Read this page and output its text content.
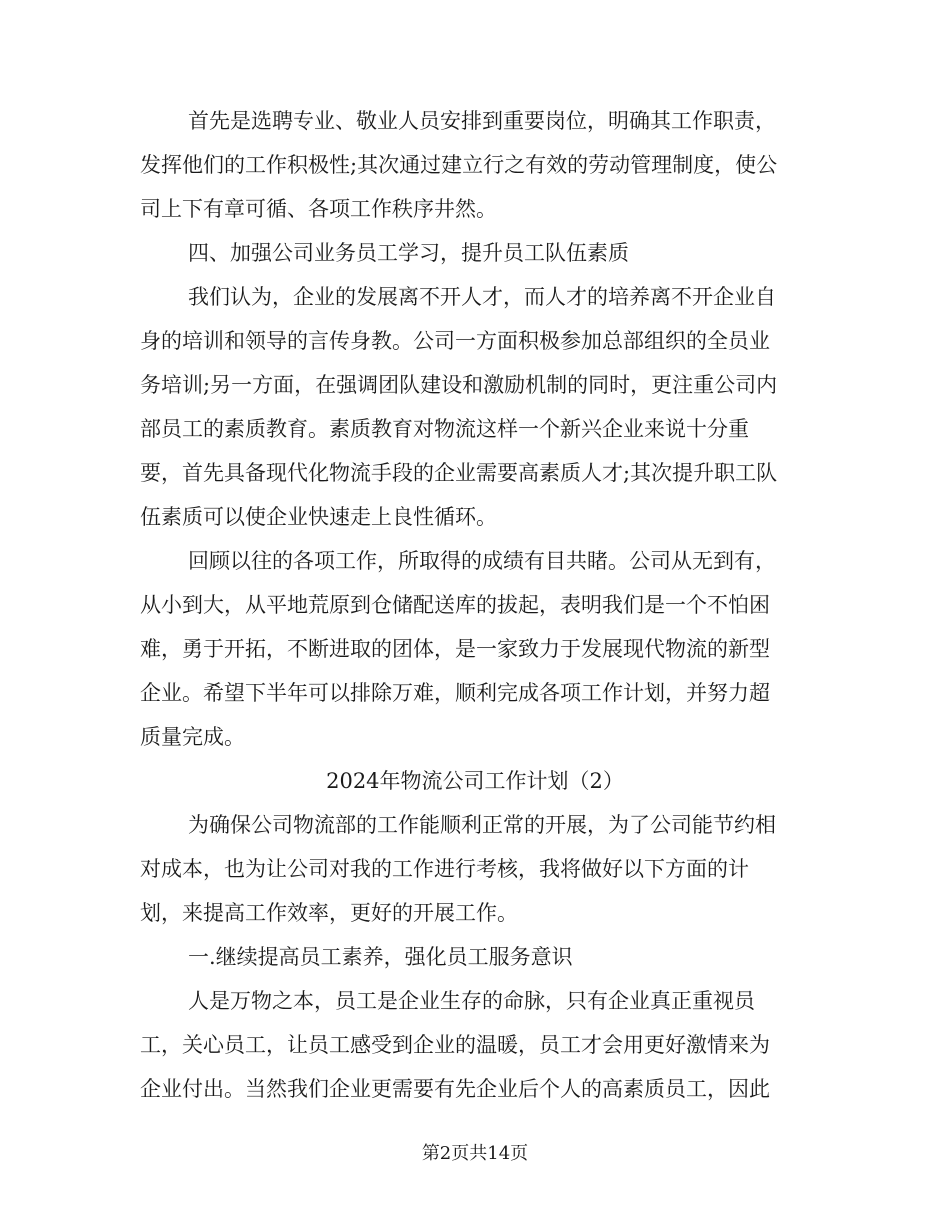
首先是选聘专业、敬业人员安排到重要岗位，明确其工作职责，
发挥他们的工作积极性;其次通过建立行之有效的劳动管理制度，使公
司上下有章可循、各项工作秩序井然。
四、加强公司业务员工学习，提升员工队伍素质
我们认为，企业的发展离不开人才，而人才的培养离不开企业自
身的培训和领导的言传身教。公司一方面积极参加总部组织的全员业
务培训;另一方面，在强调团队建设和激励机制的同时，更注重公司内
部员工的素质教育。素质教育对物流这样一个新兴企业来说十分重
要，首先具备现代化物流手段的企业需要高素质人才;其次提升职工队
伍素质可以使企业快速走上良性循环。
回顾以往的各项工作，所取得的成绩有目共睹。公司从无到有，
从小到大，从平地荒原到仓储配送库的拔起，表明我们是一个不怕困
难，勇于开拓，不断进取的团体，是一家致力于发展现代物流的新型
企业。希望下半年可以排除万难，顺利完成各项工作计划，并努力超
质量完成。
2024年物流公司工作计划（2）
为确保公司物流部的工作能顺利正常的开展，为了公司能节约相
对成本，也为让公司对我的工作进行考核，我将做好以下方面的计
划，来提高工作效率，更好的开展工作。
一.继续提高员工素养，强化员工服务意识
人是万物之本，员工是企业生存的命脉，只有企业真正重视员
工，关心员工，让员工感受到企业的温暖，员工才会用更好激情来为
企业付出。当然我们企业更需要有先企业后个人的高素质员工，因此
第2页共14页
